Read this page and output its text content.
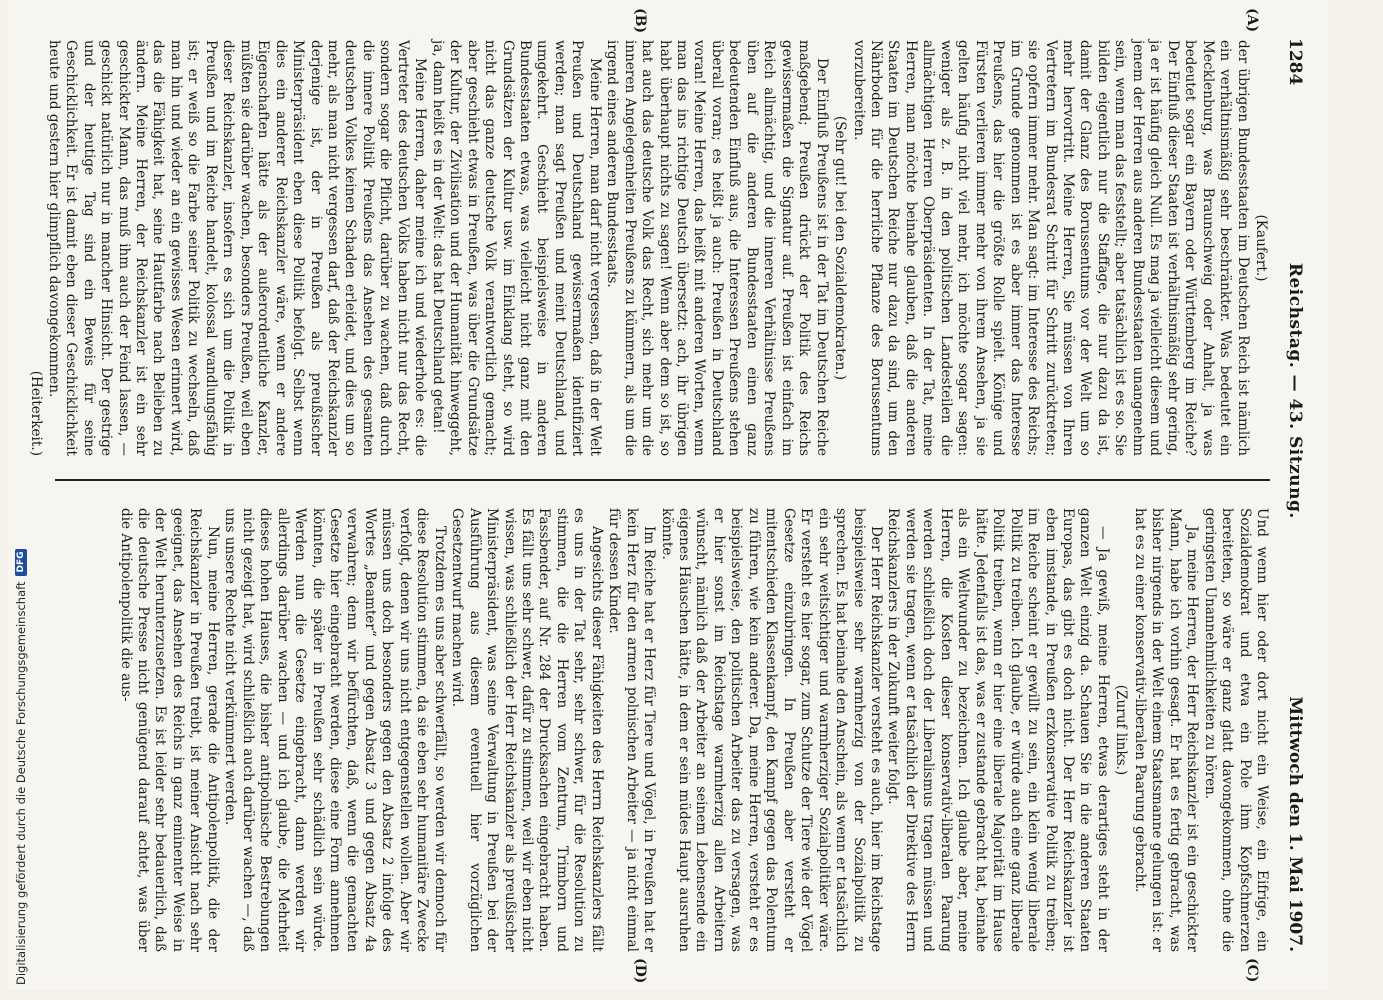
1284
Reichstag. — 43. Sitzung.
Mittwoch den 1. Mai 1907.
(A)
(B)
(C)
(D)

(Kaufert.)

der übrigen Bundesstaaten im Deutschen Reich ist nämlich ein verhältnismäßig sehr beschränkter. Was bedeutet ein Mecklenburg, was Braunschweig oder Anhalt, ja was bedeutet sogar ein Bayern oder Württemberg im Reiche? Der Einfluß dieser Staaten ist verhältnismäßig sehr gering, ja er ist häufig gleich Null. Es mag ja vielleicht diesem und jenem der Herren aus anderen Bundesstaaten unangenehm sein, wenn man das feststellt; aber tatsächlich ist es so. Sie bilden eigentlich nur die Staffage, die nur dazu da ist, damit der Glanz des Borussentums vor der Welt um so mehr hervortritt. Meine Herren, Sie müssen von Ihren Vertretern im Bundesrat Schritt für Schritt zurücktreten; sie opfern immer mehr. Man sagt: im Interesse des Reichs; im Grunde genommen ist es aber immer das Interesse Preußens, das hier die größte Rolle spielt. Könige und Fürsten verlieren immer mehr von ihrem Ansehen, ja sie gelten häufig nicht viel mehr, ich möchte sogar sagen: weniger als z. B. in den politischen Landesteilen die allmächtigen Herren Oberpräsidenten. In der Tat, meine Herren, man möchte beinahe glauben, daß die anderen Staaten im Deutschen Reiche nur dazu da sind, um den Nährboden für die herrliche Pflanze des Borussentums vorzubereiten.

(Sehr gut! bei den Sozialdemokraten.)

Der Einfluß Preußens ist in der Tat im Deutschen Reiche maßgebend; Preußen drückt der Politik des Reichs gewissermaßen die Signatur auf. Preußen ist einfach im Reich allmächtig, und die inneren Verhältnisse Preußens üben auf die anderen Bundesstaaten einen ganz bedeutenden Einfluß aus, die Interessen Preußens stehen überall voran; es heißt ja auch: Preußen in Deutschland voran! Meine Herren, das heißt mit anderen Worten, wenn man das ins richtige Deutsch übersetzt: ach, ihr übrigen habt überhaupt nichts zu sagen! Wenn aber dem so ist, so hat auch das deutsche Volk das Recht, sich mehr um die inneren Angelegenheiten Preußens zu kümmern, als um die irgend eines anderen Bundesstaats.

Meine Herren, man darf nicht vergessen, daß in der Welt Preußen und Deutschland gewissermaßen identifiziert werden; man sagt Preußen und meint Deutschland, und umgekehrt. Geschieht beispielsweise in anderen Bundesstaaten etwas, was vielleicht nicht ganz mit den Grundsätzen der Kultur usw. im Einklang steht, so wird nicht das ganze deutsche Volk verantwortlich gemacht; aber geschieht etwas in Preußen, was über die Grundsätze der Kultur, der Zivilisation und der Humanität hinweggeht, ja, dann heißt es in der Welt: das hat Deutschland getan!

Meine Herren, daher meine ich und wiederhole es: die Vertreter des deutschen Volks haben nicht nur das Recht, sondern sogar die Pflicht, darüber zu wachen, daß durch die innere Politik Preußens das Ansehen des gesamten deutschen Volkes keinen Schaden erleidet, und dies um so mehr, als man nicht vergessen darf, daß der Reichskanzler derjenige ist, der in Preußen als preußischer Ministerpräsident eben diese Politik befolgt. Selbst wenn dies ein anderer Reichskanzler wäre, wenn er andere Eigenschaften hätte als der außerordentliche Kanzler, müßten sie darüber wachen, besonders Preußen, weil eben dieser Reichskanzler, insofern es sich um die Politik in Preußen und im Reiche handelt, kolossal wandlungsfähig ist; er weiß so die Farbe seiner Politik zu wechseln, daß man hin und wieder an ein gewisses Wesen erinnert wird, das die Fähigkeit hat, seine Hautfarbe nach Belieben zu ändern. Meine Herren, der Reichskanzler ist ein sehr geschickter Mann, das muß ihm auch der Feind lassen, — geschickt natürlich nur in mancher Hinsicht. Der gestrige und der heutige Tag sind ein Beweis für seine Geschicklichkeit. Er ist damit eben dieser Geschicklichkeit heute und gestern hier glimpflich davongekommen.

(Heiterkeit.)

Und wenn hier oder dort nicht ein Weise, ein Eifrige, ein Sozialdemokrat und etwa ein Pole ihm Kopfschmerzen bereiteten, so wäre er ganz glatt davongekommen, ohne die geringsten Unannehmlichkeiten zu hören.

Ja, meine Herren, der Herr Reichskanzler ist ein geschickter Mann, habe ich vorhin gesagt. Er hat es fertig gebracht, was bisher nirgends in der Welt einem Staatsmanne gelungen ist: er hat es zu einer konservativ-liberalen Paarung gebracht.

(Zuruf links.)

— Ja gewiß, meine Herren, etwas derartiges steht in der ganzen Welt einzig da. Schauen Sie in die anderen Staaten Europas, das gibt es doch nicht. Der Herr Reichskanzler ist eben imstande, in Preußen erzkonservative Politik zu treiben; im Reiche scheint er gewillt zu sein, ein klein wenig liberale Politik zu treiben. Ich glaube, er würde auch eine ganz liberale Politik treiben, wenn er hier eine liberale Majorität im Hause hätte. Jedenfalls ist das, was er zustande gebracht hat, beinahe als ein Weltwunder zu bezeichnen. Ich glaube aber, meine Herren, die Kosten dieser konservativ-liberalen Paarung werden schließlich doch der Liberalismus tragen müssen und werden sie tragen, wenn er tatsächlich der Direktive des Herrn Reichskanzlers in der Zukunft weiter folgt.

Der Herr Reichskanzler versteht es auch, hier im Reichstage beispielsweise sehr warmherzig von der Sozialpolitik zu sprechen. Es hat beinahe den Anschein, als wenn er tatsächlich ein sehr weitsichtiger und warmherziger Sozialpolitiker wäre. Er versteht es hier sogar, zum Schutze der Tiere wie der Vögel Gesetze einzubringen. In Preußen aber versteht er mitentschieden Klassenkampf, den Kampf gegen das Polentum zu führen, wie kein anderer. Da, meine Herren, versteht er es beispielsweise, den politischen Arbeiter das zu versagen, was er hier sonst im Reichstage warmherzig allen Arbeitern wünscht, nämlich daß der Arbeiter an seinem Lebensende ein eigenes Häuschen hätte, in dem er sein müdes Haupt ausruhen könnte.

Im Reiche hat er Herz für Tiere und Vögel, in Preußen hat er kein Herz für den armen polnischen Arbeiter — ja nicht einmal für dessen Kinder.

Angesichts dieser Fähigkeiten des Herrn Reichskanzlers fällt es uns in der Tat sehr, sehr schwer, für die Resolution zu stimmen, die die Herren vom Zentrum, Trimborn und Fassbender, auf Nr. 284 der Drucksachen eingebracht haben. Es fällt uns sehr schwer, dafür zu stimmen, weil wir eben nicht wissen, was schließlich der Herr Reichskanzler als preußischer Ministerpräsident, was seine Verwaltung in Preußen bei der Ausführung aus diesem eventuell hier vorzüglichen Gesetzentwurf machen wird.

Trotzdem es uns aber schwerfällt, so werden wir dennoch für diese Resolution stimmen, da sie eben sehr humanitäre Zwecke verfolgt, denen wir uns nicht entgegenstellen wollen. Aber wir müssen uns doch besonders gegen den Absatz 2 infolge des Wortes „Beamter“ und gegen Absatz 3 und gegen Absatz 4a verwahren; denn wir befürchten, daß, wenn die gemachten Gesetze hier eingebracht werden, diese eine Form annehmen könnten, die später in Preußen sehr schädlich sein würde. Werden nun die Gesetze eingebracht, dann werden wir allerdings darüber wachen — und ich glaube, die Mehrheit dieses hohen Hauses, die bisher antipolnische Bestrebungen nicht gezeigt hat, wird schließlich auch darüber wachen —, daß uns unsere Rechte nicht verkümmert werden.

Nun, meine Herren, gerade die Antipolenpolitik, die der Reichskanzler in Preußen treibt, ist meiner Ansicht nach sehr geeignet, das Ansehen des Reichs in ganz eminenter Weise in der Welt herunterzusetzen. Es ist leider sehr bedauerlich, daß die deutsche Presse nicht genügend darauf achtet, was über die Antipolenpolitik die aus-

Digitalisierung gefördert durch die Deutsche Forschungsgemeinschaft
DFG
